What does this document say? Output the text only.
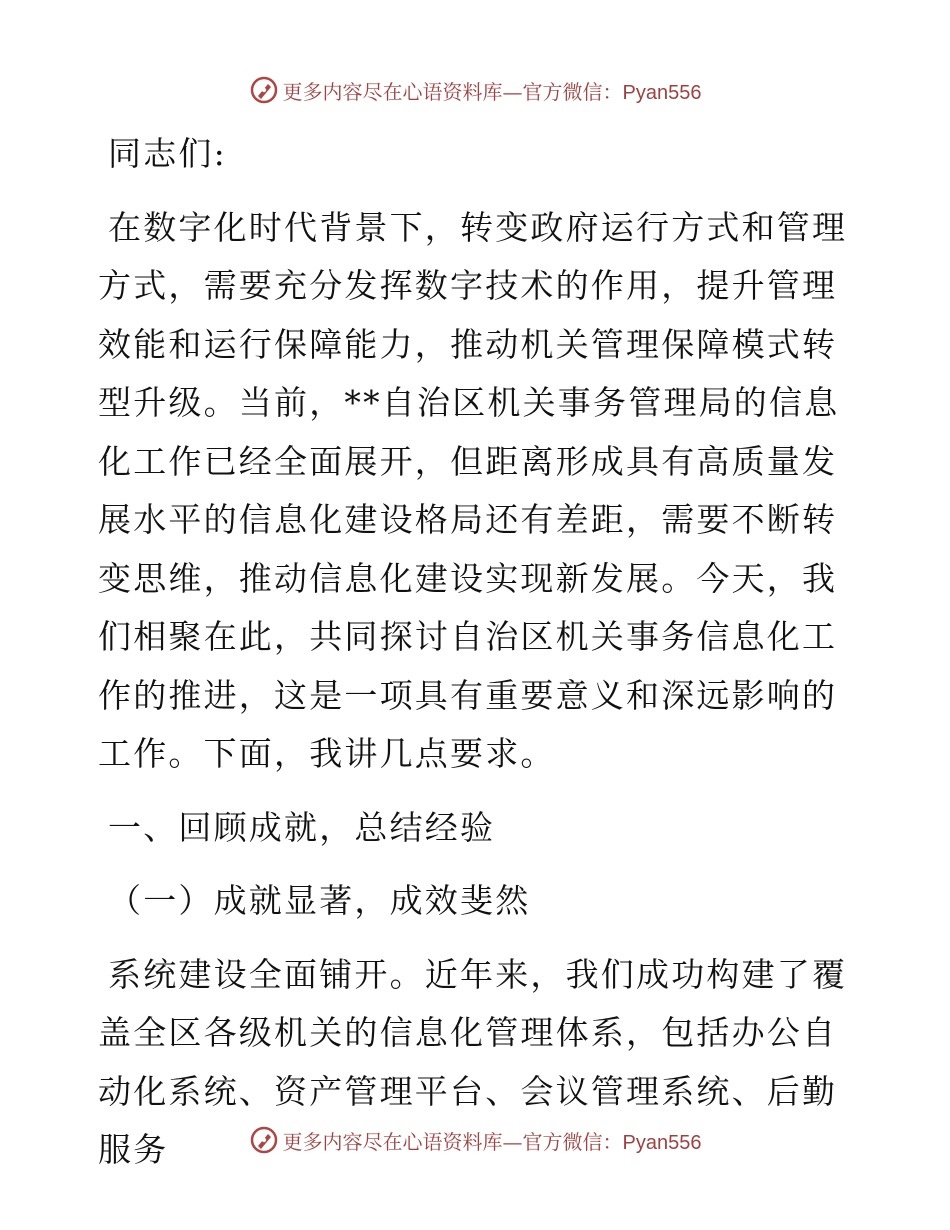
更多内容尽在心语资料库—官方微信：Pyan556

同志们:

在数字化时代背景下，转变政府运行方式和管理方式，需要充分发挥数字技术的作用，提升管理效能和运行保障能力，推动机关管理保障模式转型升级。当前，**自治区机关事务管理局的信息化工作已经全面展开，但距离形成具有高质量发展水平的信息化建设格局还有差距，需要不断转变思维，推动信息化建设实现新发展。今天，我们相聚在此，共同探讨自治区机关事务信息化工作的推进，这是一项具有重要意义和深远影响的工作。下面，我讲几点要求。

一、回顾成就，总结经验

（一）成就显著，成效斐然

系统建设全面铺开。近年来，我们成功构建了覆盖全区各级机关的信息化管理体系，包括办公自动化系统、资产管理平台、会议管理系统、后勤服务	更多内容尽在心语资料库—官方微信：Pyan556
